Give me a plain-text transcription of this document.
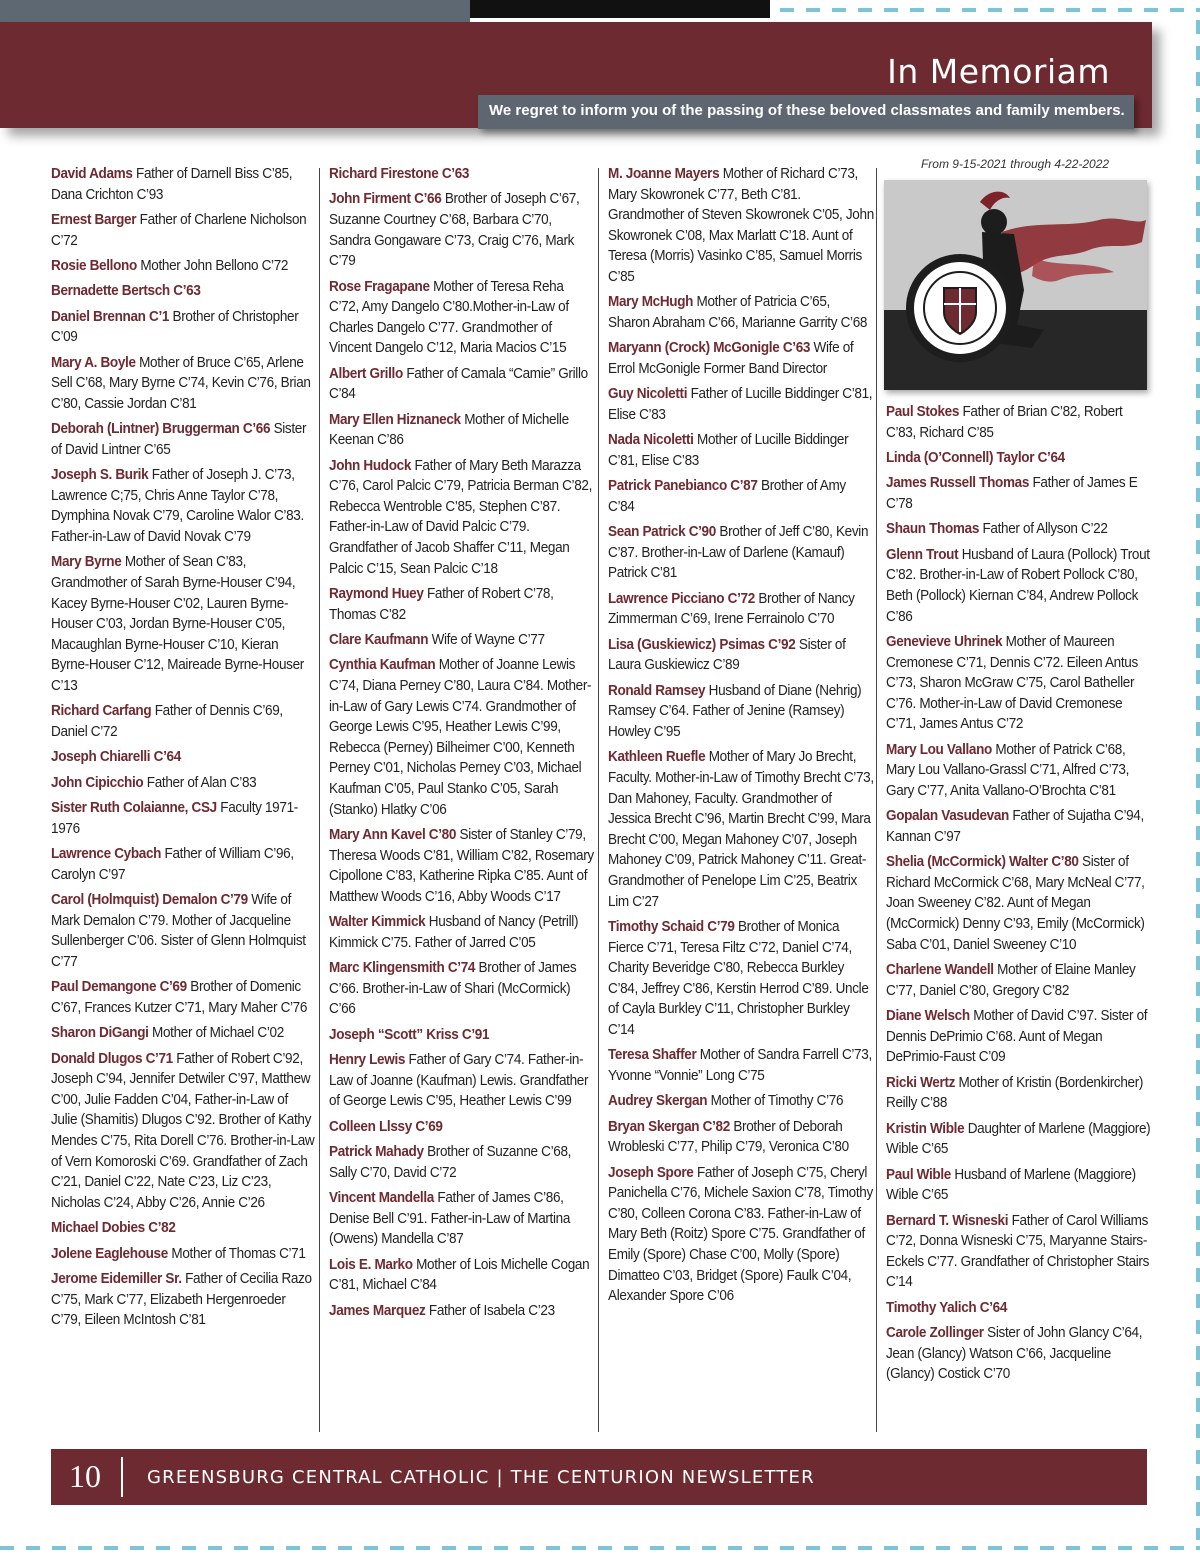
In Memoriam
We regret to inform you of the passing of these beloved classmates and family members.
From 9-15-2021 through 4-22-2022
David Adams Father of Darnell Biss C’85, Dana Crichton C’93
Ernest Barger Father of Charlene Nicholson C’72
Rosie Bellono Mother John Bellono C’72
Bernadette Bertsch C’63
Daniel Brennan C’1 Brother of Christopher C’09
Mary A. Boyle Mother of Bruce C’65, Arlene Sell C’68, Mary Byrne C’74, Kevin C’76, Brian C’80, Cassie Jordan C’81
Deborah (Lintner) Bruggerman C’66 Sister of David Lintner C’65
Joseph S. Burik Father of Joseph J. C’73, Lawrence C;75, Chris Anne Taylor C’78, Dymphina Novak C’79, Caroline Walor C’83. Father-in-Law of David Novak C’79
Mary Byrne Mother of Sean C’83, Grandmother of Sarah Byrne-Houser C’94, Kacey Byrne-Houser C’02, Lauren Byrne-Houser C’03, Jordan Byrne-Houser C’05, Macaughlan Byrne-Houser C’10, Kieran Byrne-Houser C’12, Maireade Byrne-Houser C’13
Richard Carfang Father of Dennis C’69, Daniel C’72
Joseph Chiarelli C’64
John Cipicchio Father of Alan C’83
Sister Ruth Colaianne, CSJ Faculty 1971-1976
Lawrence Cybach Father of William C’96, Carolyn C’97
Carol (Holmquist) Demalon C’79 Wife of Mark Demalon C’79. Mother of Jacqueline Sullenberger C’06. Sister of Glenn Holmquist C’77
Paul Demangone C’69 Brother of Domenic C’67, Frances Kutzer C’71, Mary Maher C’76
Sharon DiGangi Mother of Michael C’02
Donald Dlugos C’71 Father of Robert C’92, Joseph C’94, Jennifer Detwiler C’97, Matthew C’00, Julie Fadden C’04, Father-in-Law of Julie (Shamitis) Dlugos C’92. Brother of Kathy Mendes C’75, Rita Dorell C’76. Brother-in-Law of Vern Komoroski C’69. Grandfather of Zach C’21, Daniel C’22, Nate C’23, Liz C’23, Nicholas C’24, Abby C’26, Annie C’26
Michael Dobies C’82
Jolene Eaglehouse Mother of Thomas C’71
Jerome Eidemiller Sr. Father of Cecilia Razo C’75, Mark C’77, Elizabeth Hergenroeder C’79, Eileen McIntosh C’81
Richard Firestone C’63
John Firment C’66 Brother of Joseph C’67, Suzanne Courtney C’68, Barbara C’70, Sandra Gongaware C’73, Craig C’76, Mark C’79
Rose Fragapane Mother of Teresa Reha C’72, Amy Dangelo C’80.Mother-in-Law of Charles Dangelo C’77. Grandmother of Vincent Dangelo C’12, Maria Macios C’15
Albert Grillo Father of Camala “Camie” Grillo C’84
Mary Ellen Hiznaneck Mother of Michelle Keenan C’86
John Hudock Father of Mary Beth Marazza C’76, Carol Palcic C’79, Patricia Berman C’82, Rebecca Wentroble C’85, Stephen C’87. Father-in-Law of David Palcic C’79. Grandfather of Jacob Shaffer C’11, Megan Palcic C’15, Sean Palcic C’18
Raymond Huey Father of Robert C’78, Thomas C’82
Clare Kaufmann Wife of Wayne C’77
Cynthia Kaufman Mother of Joanne Lewis C’74, Diana Perney C’80, Laura C’84. Mother-in-Law of Gary Lewis C’74. Grandmother of George Lewis C’95, Heather Lewis C’99, Rebecca (Perney) Bilheimer C’00, Kenneth Perney C’01, Nicholas Perney C’03, Michael Kaufman C’05, Paul Stanko C’05, Sarah (Stanko) Hlatky C’06
Mary Ann Kavel C’80 Sister of Stanley C’79, Theresa Woods C’81, William C’82, Rosemary Cipollone C’83, Katherine Ripka C’85. Aunt of Matthew Woods C’16, Abby Woods C’17
Walter Kimmick Husband of Nancy (Petrill) Kimmick C’75. Father of Jarred C’05
Marc Klingensmith C’74 Brother of James C’66. Brother-in-Law of Shari (McCormick) C’66
Joseph “Scott” Kriss C’91
Henry Lewis Father of Gary C’74. Father-in-Law of Joanne (Kaufman) Lewis. Grandfather of George Lewis C’95, Heather Lewis C’99
Colleen Llssy C’69
Patrick Mahady Brother of Suzanne C’68, Sally C’70, David C’72
Vincent Mandella Father of James C’86, Denise Bell C’91. Father-in-Law of Martina (Owens) Mandella C’87
Lois E. Marko Mother of Lois Michelle Cogan C’81, Michael C’84
James Marquez Father of Isabela C’23
M. Joanne Mayers Mother of Richard C’73, Mary Skowronek C’77, Beth C’81. Grandmother of Steven Skowronek C’05, John Skowronek C’08, Max Marlatt C’18. Aunt of Teresa (Morris) Vasinko C’85, Samuel Morris C’85
Mary McHugh Mother of Patricia C’65, Sharon Abraham C’66, Marianne Garrity C’68
Maryann (Crock) McGonigle C’63 Wife of Errol McGonigle Former Band Director
Guy Nicoletti Father of Lucille Biddinger C’81, Elise C’83
Nada Nicoletti Mother of Lucille Biddinger C’81, Elise C’83
Patrick Panebianco C’87 Brother of Amy C’84
Sean Patrick C’90 Brother of Jeff C’80, Kevin C’87. Brother-in-Law of Darlene (Kamauf) Patrick C’81
Lawrence Picciano C’72 Brother of Nancy Zimmerman C’69, Irene Ferrainolo C’70
Lisa (Guskiewicz) Psimas C’92 Sister of Laura Guskiewicz C’89
Ronald Ramsey Husband of Diane (Nehrig) Ramsey C’64. Father of Jenine (Ramsey) Howley C’95
Kathleen Ruefle Mother of Mary Jo Brecht, Faculty. Mother-in-Law of Timothy Brecht C’73, Dan Mahoney, Faculty. Grandmother of Jessica Brecht C’96, Martin Brecht C’99, Mara Brecht C’00, Megan Mahoney C’07, Joseph Mahoney C’09, Patrick Mahoney C’11. Great-Grandmother of Penelope Lim C’25, Beatrix Lim C’27
Timothy Schaid C’79 Brother of Monica Fierce C’71, Teresa Filtz C’72, Daniel C’74, Charity Beveridge C’80, Rebecca Burkley C’84, Jeffrey C’86, Kerstin Herrod C’89. Uncle of Cayla Burkley C’11, Christopher Burkley C’14
Teresa Shaffer Mother of Sandra Farrell C’73, Yvonne “Vonnie” Long C’75
Audrey Skergan Mother of Timothy C’76
Bryan Skergan C’82 Brother of Deborah Wrobleski C’77, Philip C’79, Veronica C’80
Joseph Spore Father of Joseph C’75, Cheryl Panichella C’76, Michele Saxion C’78, Timothy C’80, Colleen Corona C’83. Father-in-Law of Mary Beth (Roitz) Spore C’75. Grandfather of Emily (Spore) Chase C’00, Molly (Spore) Dimatteo C’03, Bridget (Spore) Faulk C’04, Alexander Spore C’06
Paul Stokes Father of Brian C’82, Robert C’83, Richard C’85
Linda (O’Connell) Taylor C’64
James Russell Thomas Father of James E C’78
Shaun Thomas Father of Allyson C’22
Glenn Trout Husband of Laura (Pollock) Trout C’82. Brother-in-Law of Robert Pollock C’80, Beth (Pollock) Kiernan C’84, Andrew Pollock C’86
Genevieve Uhrinek Mother of Maureen Cremonese C’71, Dennis C’72. Eileen Antus C’73, Sharon McGraw C’75, Carol Batheller C’76. Mother-in-Law of David Cremonese C’71, James Antus C’72
Mary Lou Vallano Mother of Patrick C’68, Mary Lou Vallano-Grassl C’71, Alfred C’73, Gary C’77, Anita Vallano-O’Brochta C’81
Gopalan Vasudevan Father of Sujatha C’94, Kannan C’97
Shelia (McCormick) Walter C’80 Sister of Richard McCormick C’68, Mary McNeal C’77, Joan Sweeney C’82. Aunt of Megan (McCormick) Denny C’93, Emily (McCormick) Saba C’01, Daniel Sweeney C’10
Charlene Wandell Mother of Elaine Manley C’77, Daniel C’80, Gregory C’82
Diane Welsch Mother of David C’97. Sister of Dennis DePrimio C’68. Aunt of Megan DePrimio-Faust C’09
Ricki Wertz Mother of Kristin (Bordenkircher) Reilly C’88
Kristin Wible Daughter of Marlene (Maggiore) Wible C’65
Paul Wible Husband of Marlene (Maggiore) Wible C’65
Bernard T. Wisneski Father of Carol Williams C’72, Donna Wisneski C’75, Maryanne Stairs-Eckels C’77. Grandfather of Christopher Stairs C’14
Timothy Yalich C’64
Carole Zollinger Sister of John Glancy C’64, Jean (Glancy) Watson C’66, Jacqueline (Glancy) Costick C’70
10	GREENSBURG CENTRAL CATHOLIC | THE CENTURION NEWSLETTER
